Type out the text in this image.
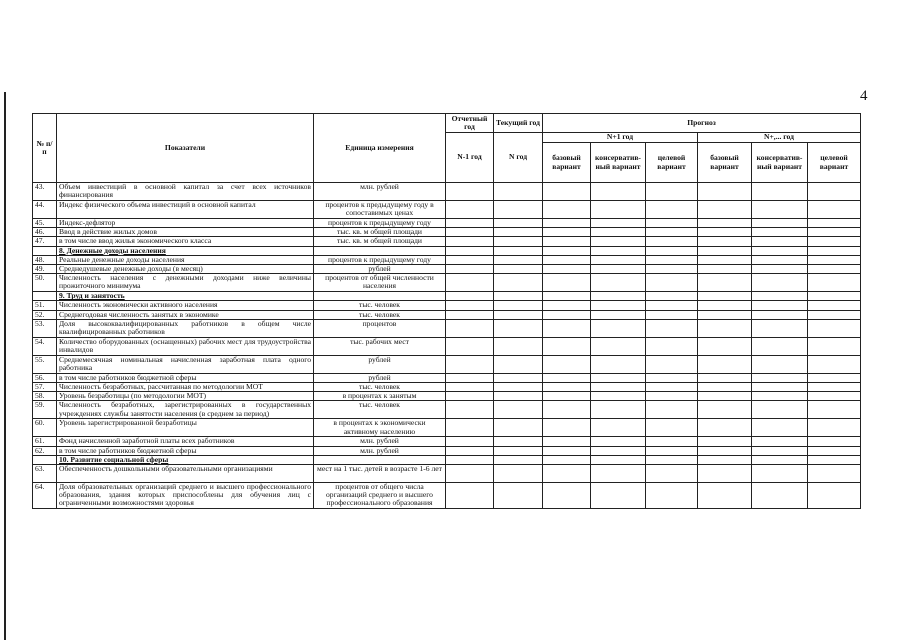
4
№ п/п	Показатели	Единица измерения	Отчетный год	Текущий год	Прогноз					
			N-1 год	N год	N+1 год			N+,... год		
					базовый вариант	консерватив-ный вариант	целевой вариант	базовый вариант	консерватив-ный вариант	целевой вариант
43.	Объем инвестиций в основной капитал за счет всех источников финансирования	млн. рублей								
44.	Индекс физического объема инвестиций в основной капитал	процентов к предыдущему году в сопоставимых ценах								
45.	Индекс-дефлятор	процентов к предыдущему году								
46.	Ввод в действие жилых домов	тыс. кв. м общей площади								
47.	в том числе ввод жилья экономического класса	тыс. кв. м общей площади								
	8. Денежные доходы населения									
48.	Реальные денежные доходы населения	процентов к предыдущему году								
49.	Среднедушевые денежные доходы (в месяц)	рублей								
50.	Численность населения с денежными доходами ниже величины прожиточного минимума	процентов от общей численности населения								
	9. Труд и занятость									
51.	Численность экономически активного населения	тыс. человек								
52.	Среднегодовая численность занятых в экономике	тыс. человек								
53.	Доля высококвалифицированных работников в общем числе квалифицированных работников	процентов								
54.	Количество оборудованных (оснащенных) рабочих мест для трудоустройства инвалидов	тыс. рабочих мест								
55.	Среднемесячная номинальная начисленная заработная плата одного работника	рублей								
56.	в том числе работников бюджетной сферы	рублей								
57.	Численность безработных, рассчитанная по методологии МОТ	тыс. человек								
58.	Уровень безработицы (по методологии МОТ)	в процентах к занятым								
59.	Численность безработных, зарегистрированных в государственных учреждениях службы занятости населения (в среднем за период)	тыс. человек								
60.	Уровень зарегистрированной безработицы	в процентах к экономически активному населению								
61.	Фонд начисленной заработной платы всех работников	млн. рублей								
62.	в том числе работников бюджетной сферы	млн. рублей								
	10. Развитие социальной сферы									
63.	Обеспеченность дошкольными образовательными организациями	мест на 1 тыс. детей в возрасте 1-6 лет								
64.	Доля образовательных организаций среднего и высшего профессионального образования, здания которых приспособлены для обучения лиц с ограниченными возможностями здоровья	процентов от общего числа организаций среднего и высшего профессионального образования								
